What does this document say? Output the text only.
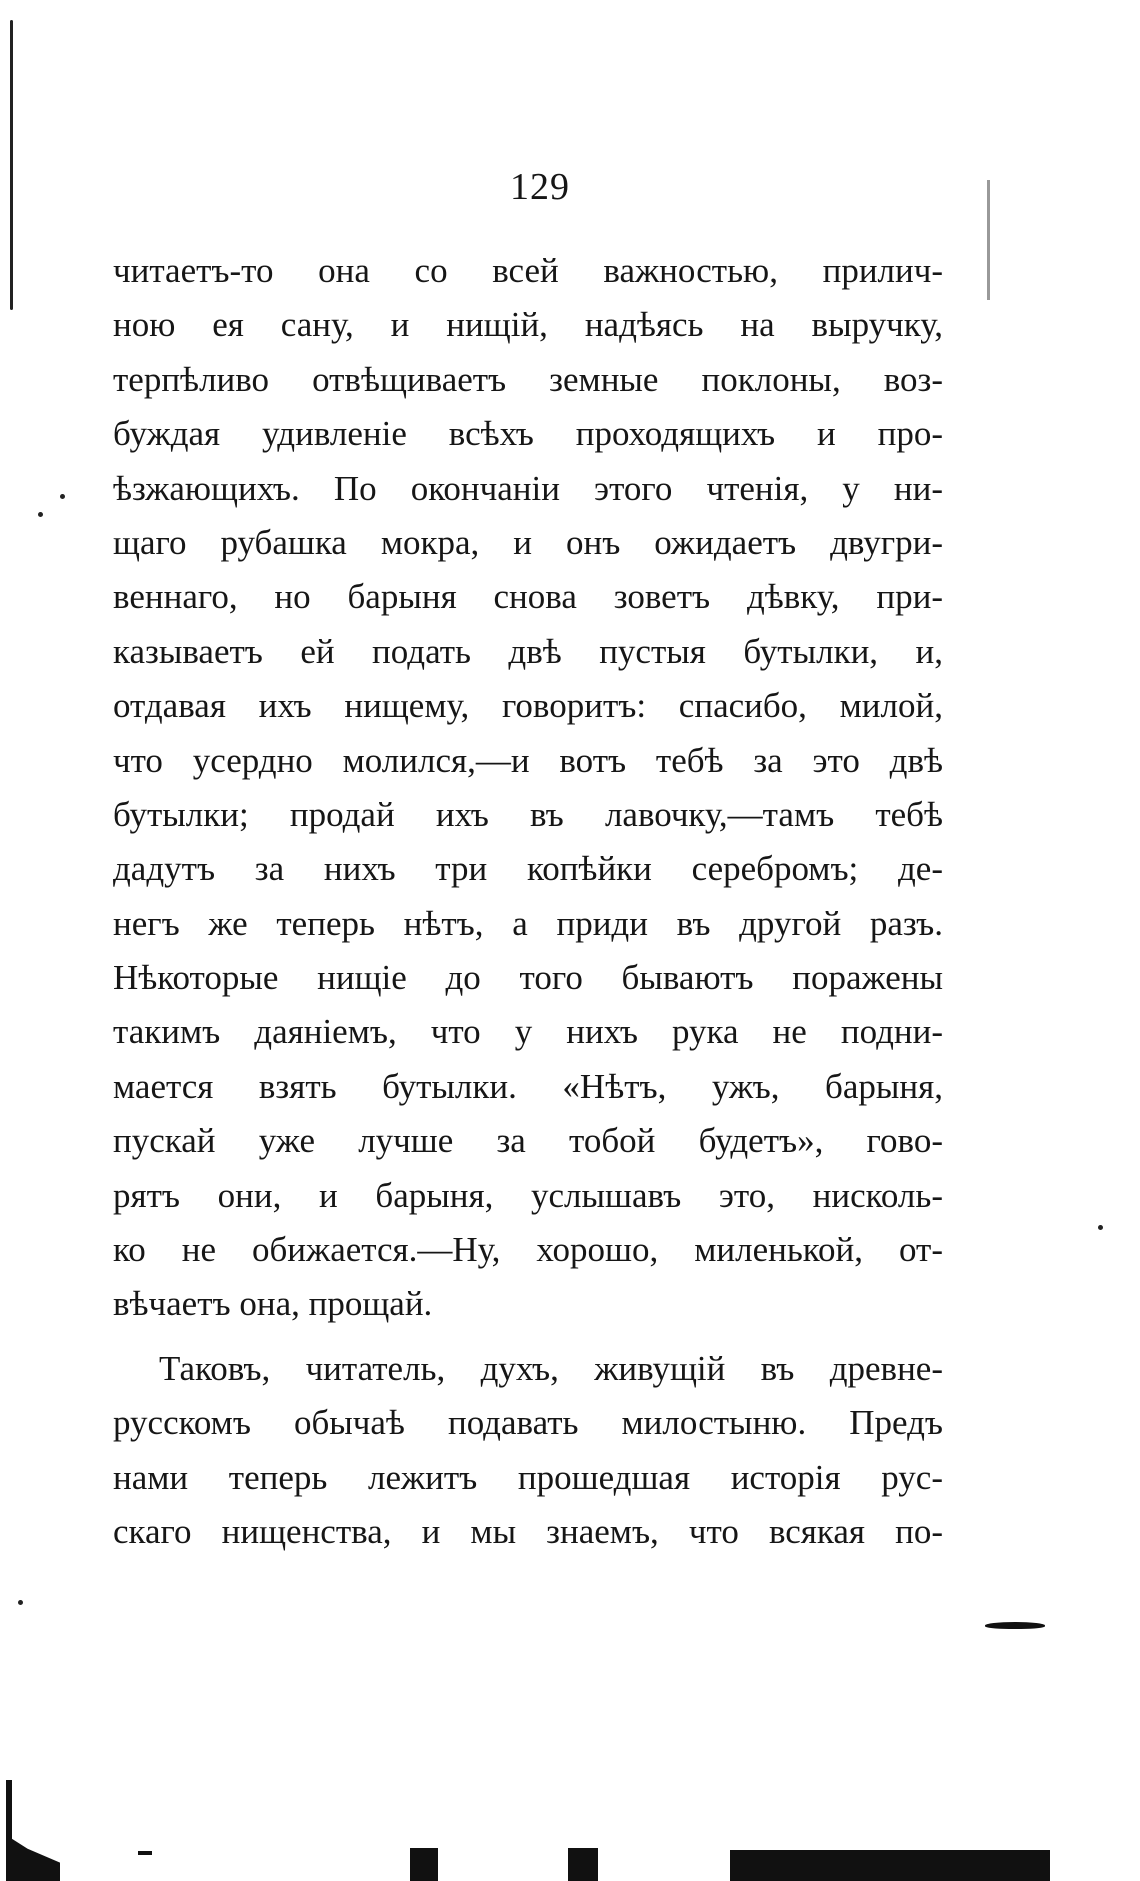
129
читаетъ-то она со всей важностью, прилич-
ною ея сану, и нищій, надѣясь на выручку,
терпѣливо отвѣщиваетъ земные поклоны, воз-
буждая удивленіе всѣхъ проходящихъ и про-
ѣзжающихъ. По окончаніи этого чтенія, у ни-
щаго рубашка мокра, и онъ ожидаетъ двугри-
веннаго, но барыня снова зоветъ дѣвку, при-
казываетъ ей подать двѣ пустыя бутылки, и,
отдавая ихъ нищему, говоритъ: спасибо, милой,
что усердно молился,—и вотъ тебѣ за это двѣ
бутылки; продай ихъ въ лавочку,—тамъ тебѣ
дадутъ за нихъ три копѣйки серебромъ; де-
негъ же теперь нѣтъ, а приди въ другой разъ.
Нѣкоторые нищіе до того бываютъ поражены
такимъ даяніемъ, что у нихъ рука не подни-
мается взять бутылки. «Нѣтъ, ужъ, барыня,
пускай уже лучше за тобой будетъ», гово-
рятъ они, и барыня, услышавъ это, нисколь-
ко не обижается.—Ну, хорошо, миленькой, от-
вѣчаетъ она, прощай.
Таковъ, читатель, духъ, живущій въ древне-
русскомъ обычаѣ подавать милостыню. Предъ
нами теперь лежитъ прошедшая исторія рус-
скаго нищенства, и мы знаемъ, что всякая по-
